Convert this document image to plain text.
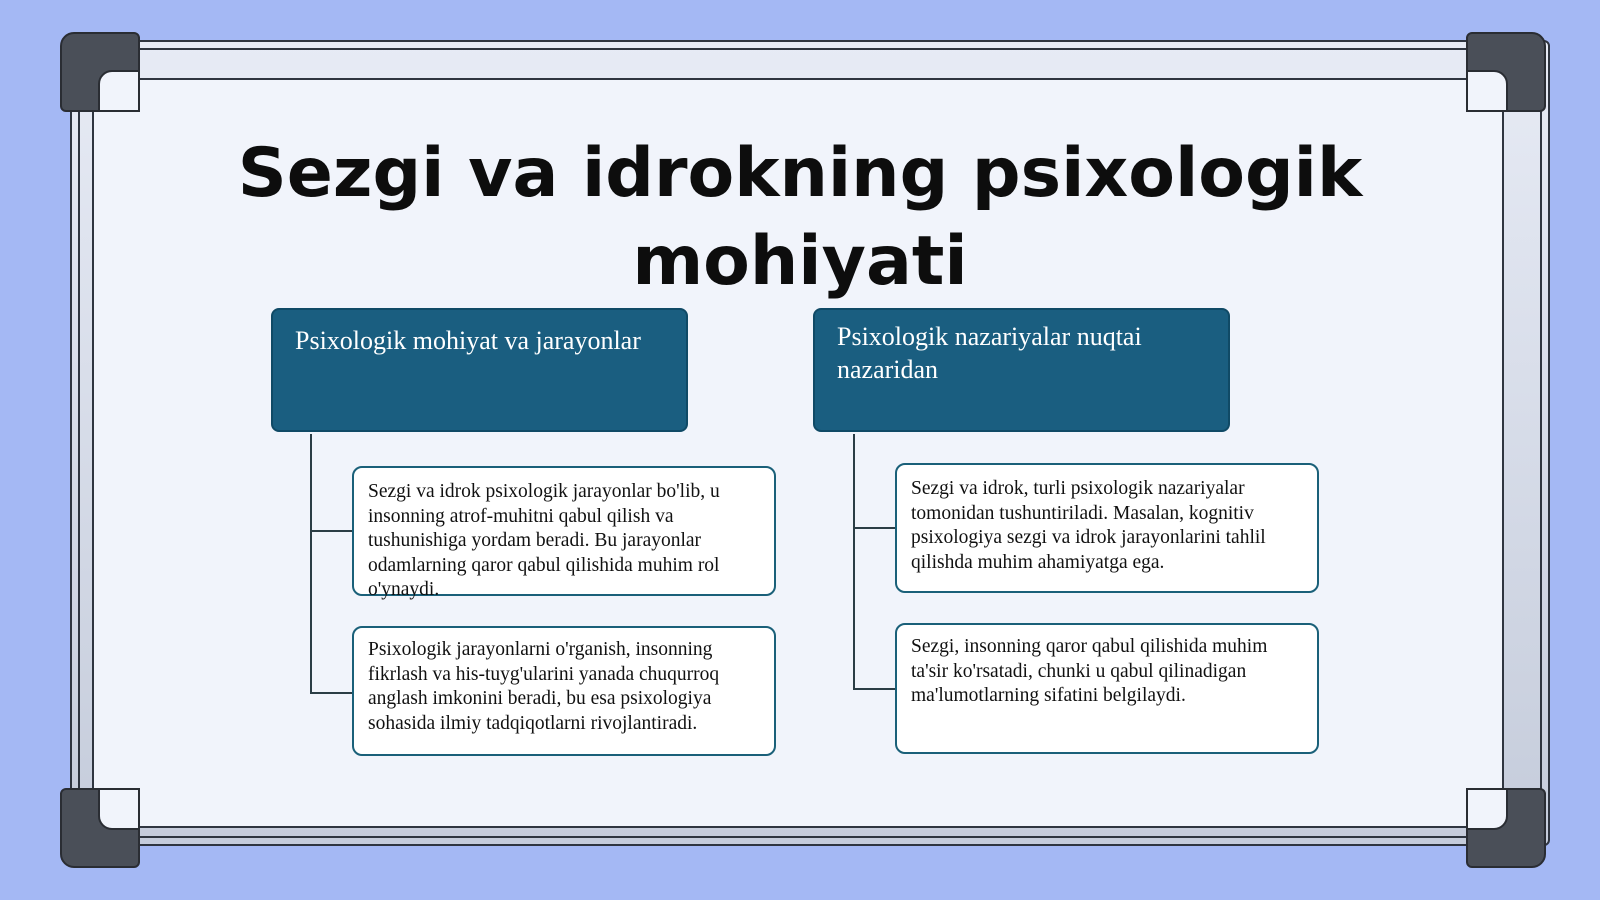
Sezgi va idrokning psixologik mohiyati
Psixologik mohiyat va jarayonlar
Sezgi va idrok psixologik jarayonlar bo'lib, u insonning atrof-muhitni qabul qilish va tushunishiga yordam beradi. Bu jarayonlar odamlarning qaror qabul qilishida muhim rol o'ynaydi.
Psixologik jarayonlarni o'rganish, insonning fikrlash va his-tuyg'ularini yanada chuqurroq anglash imkonini beradi, bu esa psixologiya sohasida ilmiy tadqiqotlarni rivojlantiradi.
Psixologik nazariyalar nuqtai nazaridan
Sezgi va idrok, turli psixologik nazariyalar tomonidan tushuntiriladi. Masalan, kognitiv psixologiya sezgi va idrok jarayonlarini tahlil qilishda muhim ahamiyatga ega.
Sezgi, insonning qaror qabul qilishida muhim ta'sir ko'rsatadi, chunki u qabul qilinadigan ma'lumotlarning sifatini belgilaydi.
